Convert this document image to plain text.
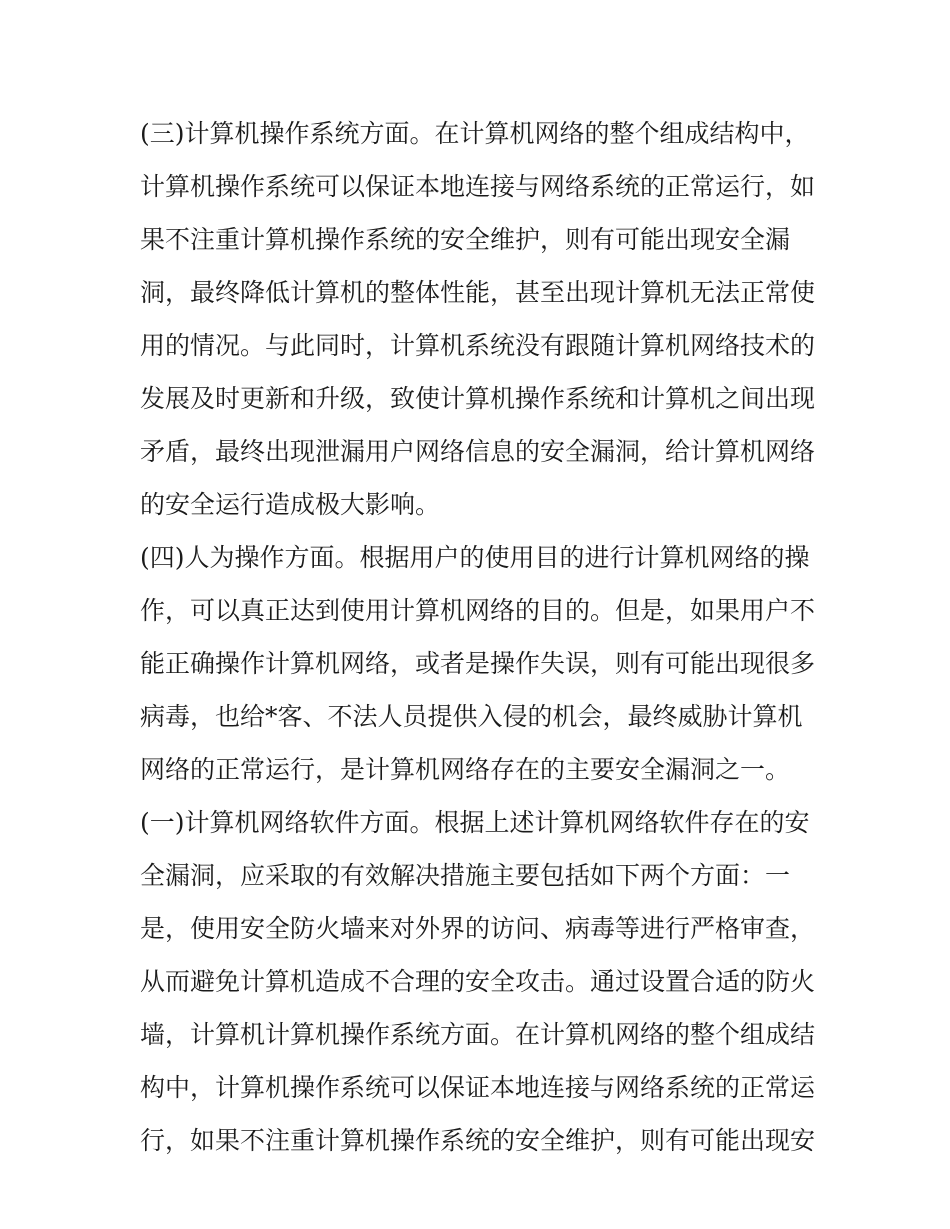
(三)计算机操作系统方面。在计算机网络的整个组成结构中，
计算机操作系统可以保证本地连接与网络系统的正常运行，如
果不注重计算机操作系统的安全维护，则有可能出现安全漏
洞，最终降低计算机的整体性能，甚至出现计算机无法正常使
用的情况。与此同时，计算机系统没有跟随计算机网络技术的
发展及时更新和升级，致使计算机操作系统和计算机之间出现
矛盾，最终出现泄漏用户网络信息的安全漏洞，给计算机网络
的安全运行造成极大影响。
(四)人为操作方面。根据用户的使用目的进行计算机网络的操
作，可以真正达到使用计算机网络的目的。但是，如果用户不
能正确操作计算机网络，或者是操作失误，则有可能出现很多
病毒，也给*客、不法人员提供入侵的机会，最终威胁计算机
网络的正常运行，是计算机网络存在的主要安全漏洞之一。
(一)计算机网络软件方面。根据上述计算机网络软件存在的安
全漏洞，应采取的有效解决措施主要包括如下两个方面：一
是，使用安全防火墙来对外界的访问、病毒等进行严格审查，
从而避免计算机造成不合理的安全攻击。通过设置合适的防火
墙，计算机计算机操作系统方面。在计算机网络的整个组成结
构中，计算机操作系统可以保证本地连接与网络系统的正常运
行，如果不注重计算机操作系统的安全维护，则有可能出现安
